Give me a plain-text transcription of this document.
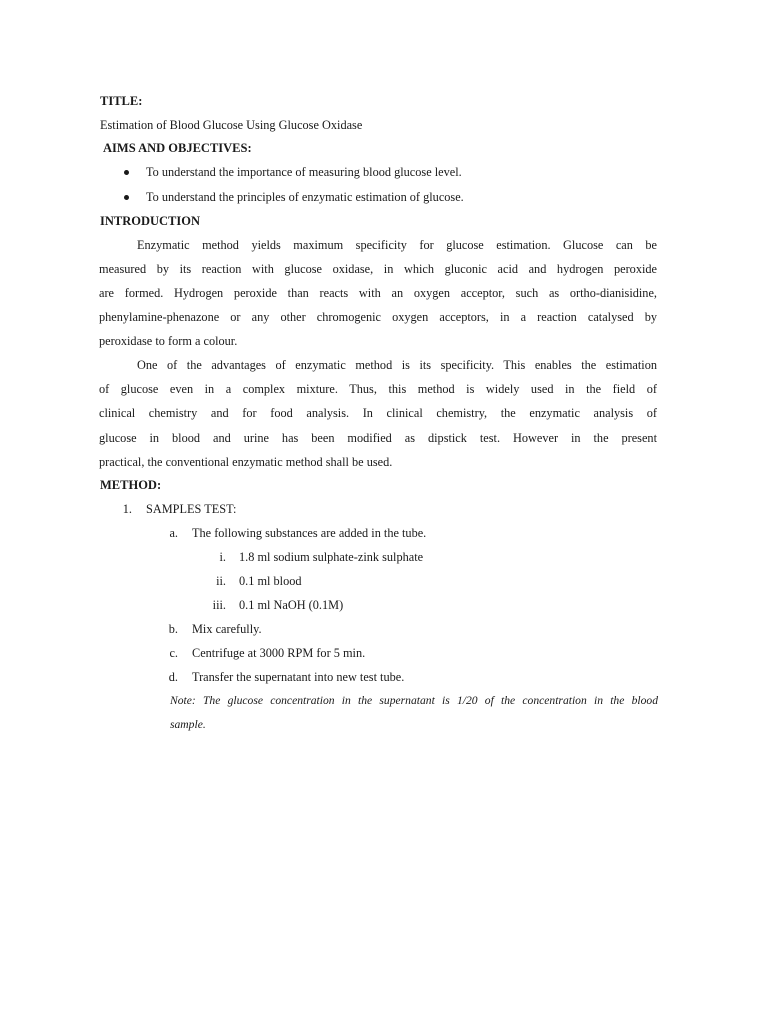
TITLE:
Estimation of Blood Glucose Using Glucose Oxidase
AIMS AND OBJECTIVES:
To understand the importance of measuring blood glucose level.
To understand the principles of enzymatic estimation of glucose.
INTRODUCTION
Enzymatic method yields maximum specificity for glucose estimation. Glucose can be
measured by its reaction with glucose oxidase, in which gluconic acid and hydrogen peroxide
are formed. Hydrogen peroxide than reacts with an oxygen acceptor, such as ortho-dianisidine,
phenylamine-phenazone or any other chromogenic oxygen acceptors, in a reaction catalysed by
peroxidase to form a colour.
One of the advantages of enzymatic method is its specificity. This enables the estimation
of glucose even in a complex mixture. Thus, this method is widely used in the field of
clinical chemistry and for food analysis. In clinical chemistry, the enzymatic analysis of
glucose in blood and urine has been modified as dipstick test. However in the present
practical, the conventional enzymatic method shall be used.
METHOD:
1. SAMPLES TEST:
a. The following substances are added in the tube.
i. 1.8 ml sodium sulphate-zink sulphate
ii. 0.1 ml blood
iii. 0.1 ml NaOH (0.1M)
b. Mix carefully.
c. Centrifuge at 3000 RPM for 5 min.
d. Transfer the supernatant into new test tube.
Note: The glucose concentration in the supernatant is 1/20 of the concentration in the blood
sample.
